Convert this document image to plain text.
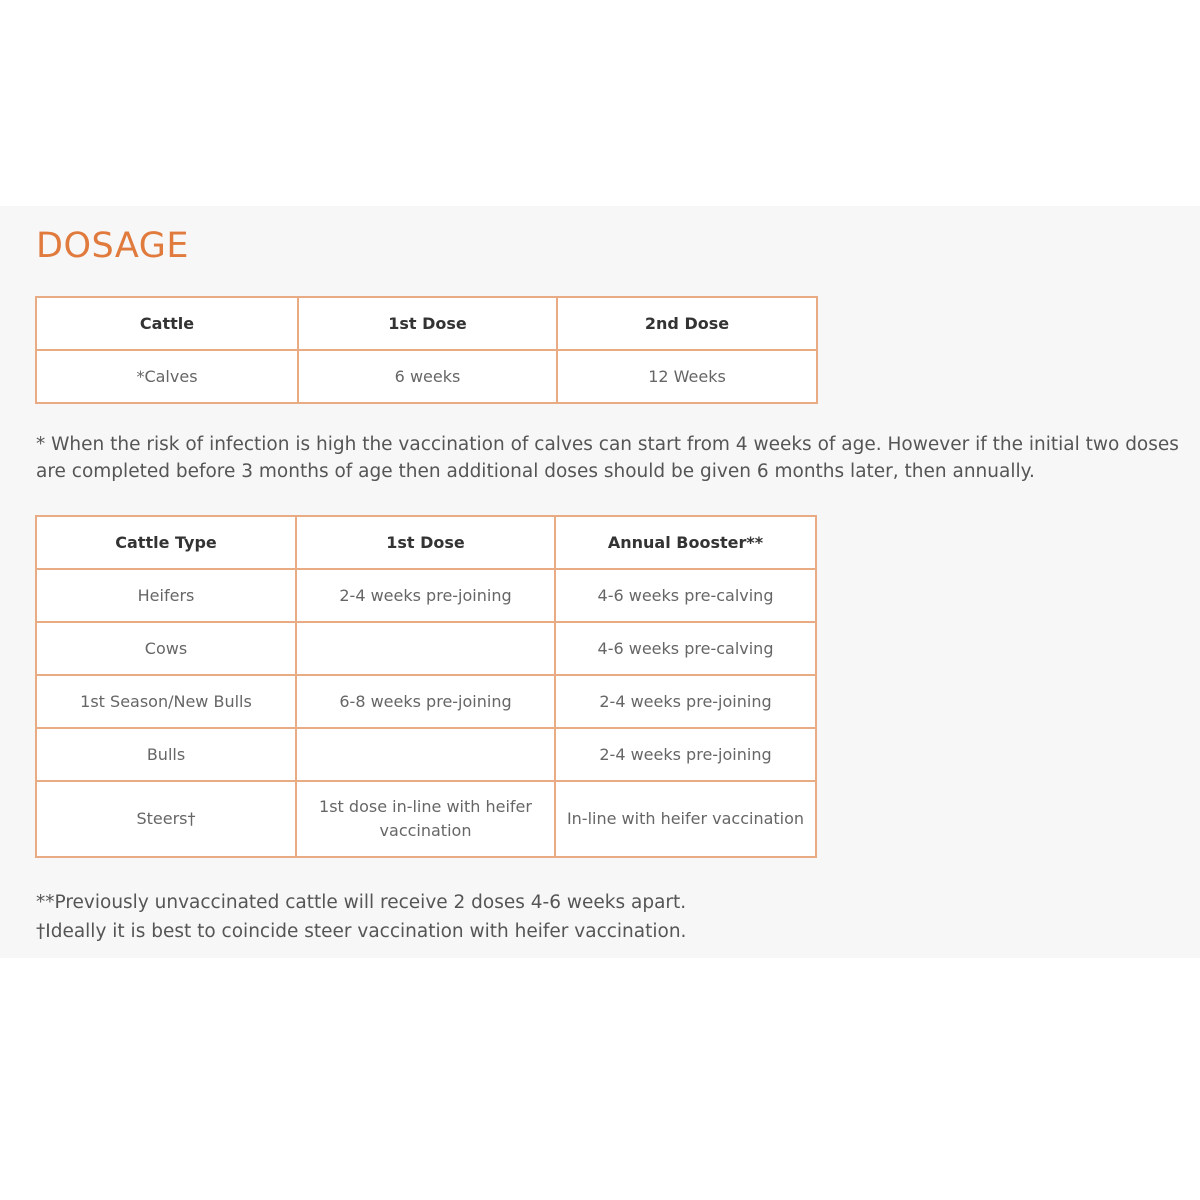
DOSAGE
Cattle	1st Dose	2nd Dose
*Calves	6 weeks	12 Weeks

* When the risk of infection is high the vaccination of calves can start from 4 weeks of age. However if the initial two doses

are completed before 3 months of age then additional doses should be given 6 months later, then annually.

Cattle Type	1st Dose	Annual Booster**
Heifers	2-4 weeks pre-joining	4-6 weeks pre-calving
Cows		4-6 weeks pre-calving
1st Season/New Bulls	6-8 weeks pre-joining	2-4 weeks pre-joining
Bulls		2-4 weeks pre-joining
Steers†	1st dose in-line with heifer vaccination	In-line with heifer vaccination

**Previously unvaccinated cattle will receive 2 doses 4-6 weeks apart.

†Ideally it is best to coincide steer vaccination with heifer vaccination.
